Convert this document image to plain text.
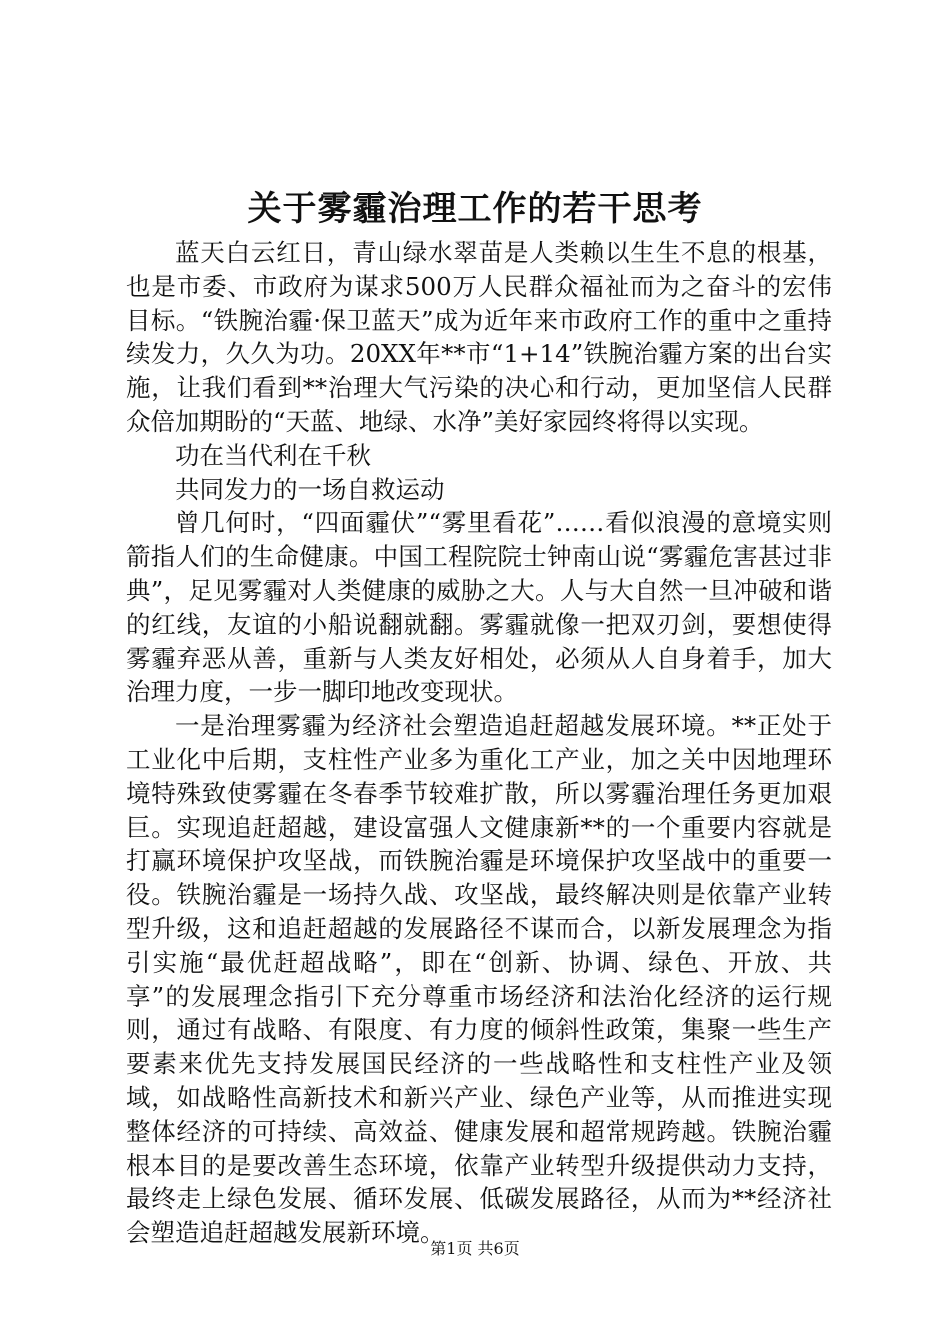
关于雾霾治理工作的若干思考

蓝天白云红日，青山绿水翠苗是人类赖以生生不息的根基，也是市委、市政府为谋求500万人民群众福祉而为之奋斗的宏伟目标。“铁腕治霾·保卫蓝天”成为近年来市政府工作的重中之重持续发力，久久为功。20XX年**市“1+14”铁腕治霾方案的出台实施，让我们看到**治理大气污染的决心和行动，更加坚信人民群众倍加期盼的“天蓝、地绿、水净”美好家园终将得以实现。

功在当代利在千秋

共同发力的一场自救运动

曾几何时，“四面霾伏”“雾里看花”……看似浪漫的意境实则箭指人们的生命健康。中国工程院院士钟南山说“雾霾危害甚过非典”，足见雾霾对人类健康的威胁之大。人与大自然一旦冲破和谐的红线，友谊的小船说翻就翻。雾霾就像一把双刃剑，要想使得雾霾弃恶从善，重新与人类友好相处，必须从人自身着手，加大治理力度，一步一脚印地改变现状。

一是治理雾霾为经济社会塑造追赶超越发展环境。**正处于工业化中后期，支柱性产业多为重化工产业，加之关中因地理环境特殊致使雾霾在冬春季节较难扩散，所以雾霾治理任务更加艰巨。实现追赶超越，建设富强人文健康新**的一个重要内容就是打赢环境保护攻坚战，而铁腕治霾是环境保护攻坚战中的重要一役。铁腕治霾是一场持久战、攻坚战，最终解决则是依靠产业转型升级，这和追赶超越的发展路径不谋而合，以新发展理念为指引实施“最优赶超战略”，即在“创新、协调、绿色、开放、共享”的发展理念指引下充分尊重市场经济和法治化经济的运行规则，通过有战略、有限度、有力度的倾斜性政策，集聚一些生产要素来优先支持发展国民经济的一些战略性和支柱性产业及领域，如战略性高新技术和新兴产业、绿色产业等，从而推进实现整体经济的可持续、高效益、健康发展和超常规跨越。铁腕治霾根本目的是要改善生态环境，依靠产业转型升级提供动力支持，最终走上绿色发展、循环发展、低碳发展路径，从而为**经济社会塑造追赶超越发展新环境。

第1页 共6页
